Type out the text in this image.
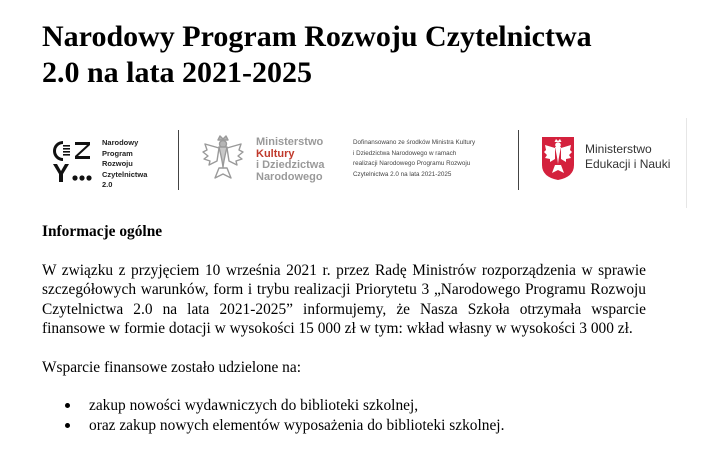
Narodowy Program Rozwoju Czytelnictwa
2.0 na lata 2021-2025
Narodowy
Program
Rozwoju
Czytelnictwa
2.0
Ministerstwo
Kultury
i Dziedzictwa
Narodowego
Dofinansowano ze środków Ministra Kultury
i Dziedzictwa Narodowego w ramach
realizacji Narodowego Programu Rozwoju
Czytelnictwa 2.0 na lata 2021-2025
Ministerstwo
Edukacji i Nauki

Informacje ogólne

W związku z przyjęciem 10 września 2021 r. przez Radę Ministrów rozporządzenia w sprawie szczegółowych warunków, form i trybu realizacji Priorytetu 3 „Narodowego Programu Rozwoju Czytelnictwa 2.0 na lata 2021-2025” informujemy, że Nasza Szkoła otrzymała wsparcie finansowe w formie dotacji w wysokości 15 000 zł w tym: wkład własny w wysokości 3 000 zł.

Wsparcie finansowe zostało udzielone na:

zakup nowości wydawniczych do biblioteki szkolnej,
oraz zakup nowych elementów wyposażenia do biblioteki szkolnej.
